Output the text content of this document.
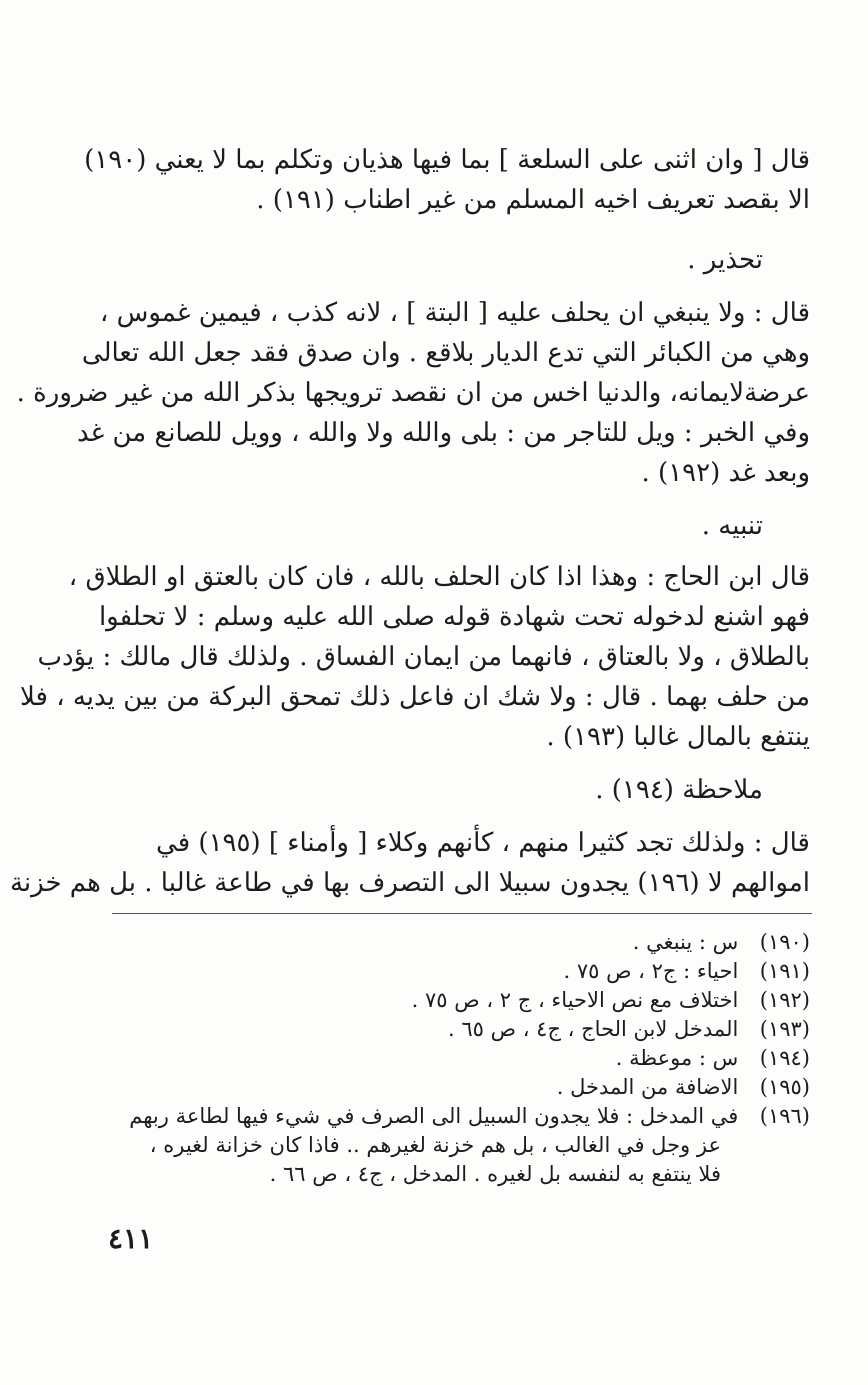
قال [ وان اثنى على السلعة ] بما فيها هذيان وتكلم بما لا يعني (١٩٠)
الا بقصد تعريف اخيه المسلم من غير اطناب (١٩١) .
تحذير .
قال : ولا ينبغي ان يحلف عليه [ البتة ] ، لانه كذب ، فيمين غموس ،
وهي من الكبائر التي تدع الديار بلاقع . وان صدق فقد جعل الله تعالى
عرضةلايمانه، والدنيا اخس من ان نقصد ترويجها بذكر الله من غير ضرورة .
وفي الخبر : ويل للتاجر من : بلى والله ولا والله ، وويل للصانع من غد
وبعد غد (١٩٢) .
تنبيه .
قال ابن الحاج : وهذا اذا كان الحلف بالله ، فان كان بالعتق او الطلاق ،
فهو اشنع لدخوله تحت شهادة قوله صلى الله عليه وسلم : لا تحلفوا
بالطلاق ، ولا بالعتاق ، فانهما من ايمان الفساق . ولذلك قال مالك : يؤدب
من حلف بهما . قال : ولا شك ان فاعل ذلك تمحق البركة من بين يديه ، فلا
ينتفع بالمال غالبا (١٩٣) .
ملاحظة (١٩٤) .
قال : ولذلك تجد كثيرا منهم ، كأنهم وكلاء [ وأمناء ] (١٩٥) في
اموالهم لا (١٩٦) يجدون سبيلا الى التصرف بها في طاعة غالبا . بل هم خزنة
(١٩٠) س : ينبغي .
(١٩١) احياء : ج٢ ، ص ٧٥ .
(١٩٢) اختلاف مع نص الاحياء ، ج ٢ ، ص ٧٥ .
(١٩٣) المدخل لابن الحاج ، ج٤ ، ص ٦٥ .
(١٩٤) س : موعظة .
(١٩٥) الاضافة من المدخل .
(١٩٦) في المدخل : فلا يجدون السبيل الى الصرف في شيء فيها لطاعة ربهم
عز وجل في الغالب ، بل هم خزنة لغيرهم .. فاذا كان خزانة لغيره ،
فلا ينتفع به لنفسه بل لغيره . المدخل ، ج٤ ، ص ٦٦ .
٤١١
